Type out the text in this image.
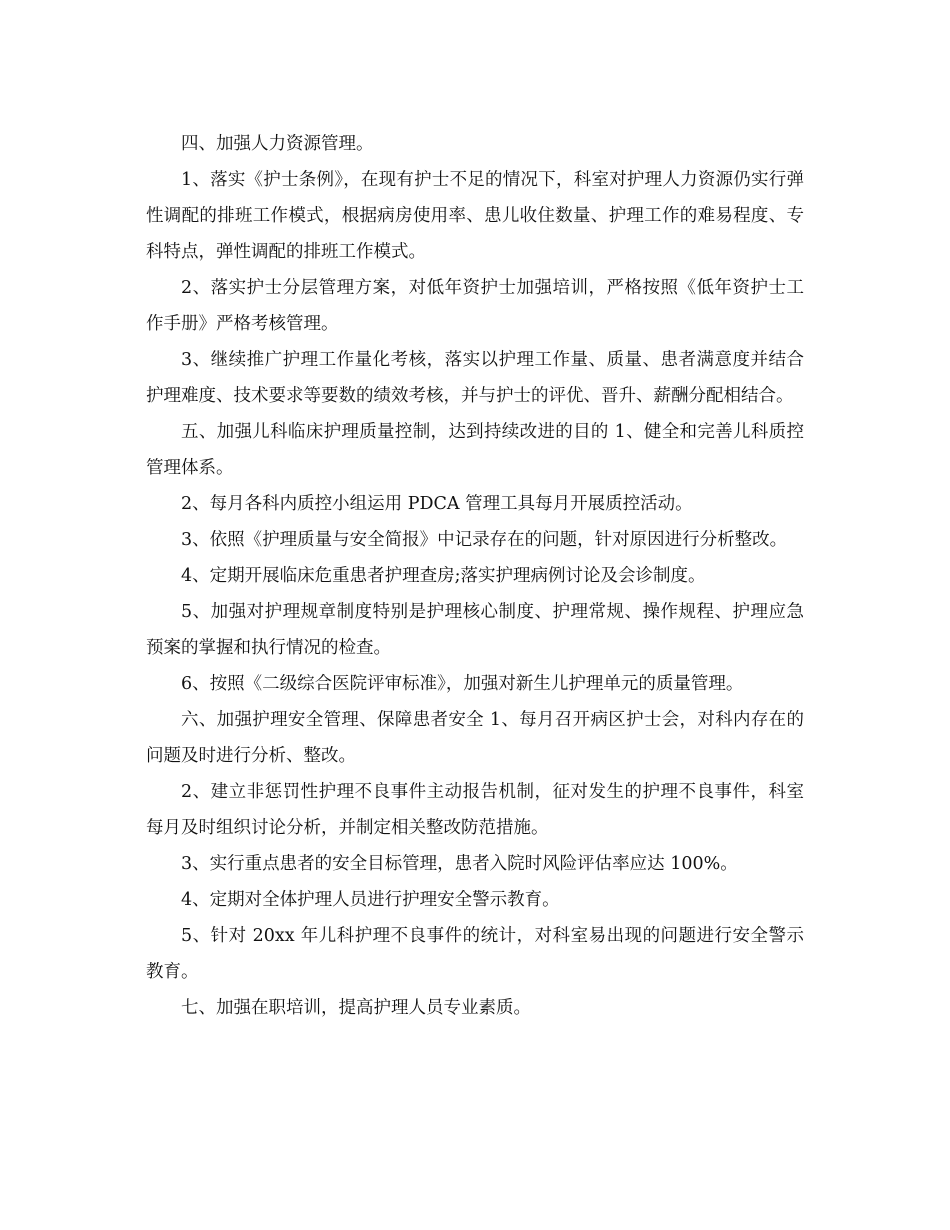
四、加强人力资源管理。

1、落实《护士条例》，在现有护士不足的情况下，科室对护理人力资源仍实行弹性调配的排班工作模式，根据病房使用率、患儿收住数量、护理工作的难易程度、专科特点，弹性调配的排班工作模式。

2、落实护士分层管理方案，对低年资护士加强培训，严格按照《低年资护士工作手册》严格考核管理。

3、继续推广护理工作量化考核，落实以护理工作量、质量、患者满意度并结合护理难度、技术要求等要数的绩效考核，并与护士的评优、晋升、薪酬分配相结合。

五、加强儿科临床护理质量控制，达到持续改进的目的 1、健全和完善儿科质控管理体系。

2、每月各科内质控小组运用 PDCA 管理工具每月开展质控活动。

3、依照《护理质量与安全简报》中记录存在的问题，针对原因进行分析整改。

4、定期开展临床危重患者护理查房;落实护理病例讨论及会诊制度。

5、加强对护理规章制度特别是护理核心制度、护理常规、操作规程、护理应急预案的掌握和执行情况的检查。

6、按照《二级综合医院评审标准》，加强对新生儿护理单元的质量管理。

六、加强护理安全管理、保障患者安全 1、每月召开病区护士会，对科内存在的问题及时进行分析、整改。

2、建立非惩罚性护理不良事件主动报告机制，征对发生的护理不良事件，科室每月及时组织讨论分析，并制定相关整改防范措施。

3、实行重点患者的安全目标管理，患者入院时风险评估率应达 100%。

4、定期对全体护理人员进行护理安全警示教育。

5、针对 20xx 年儿科护理不良事件的统计，对科室易出现的问题进行安全警示教育。

七、加强在职培训，提高护理人员专业素质。
